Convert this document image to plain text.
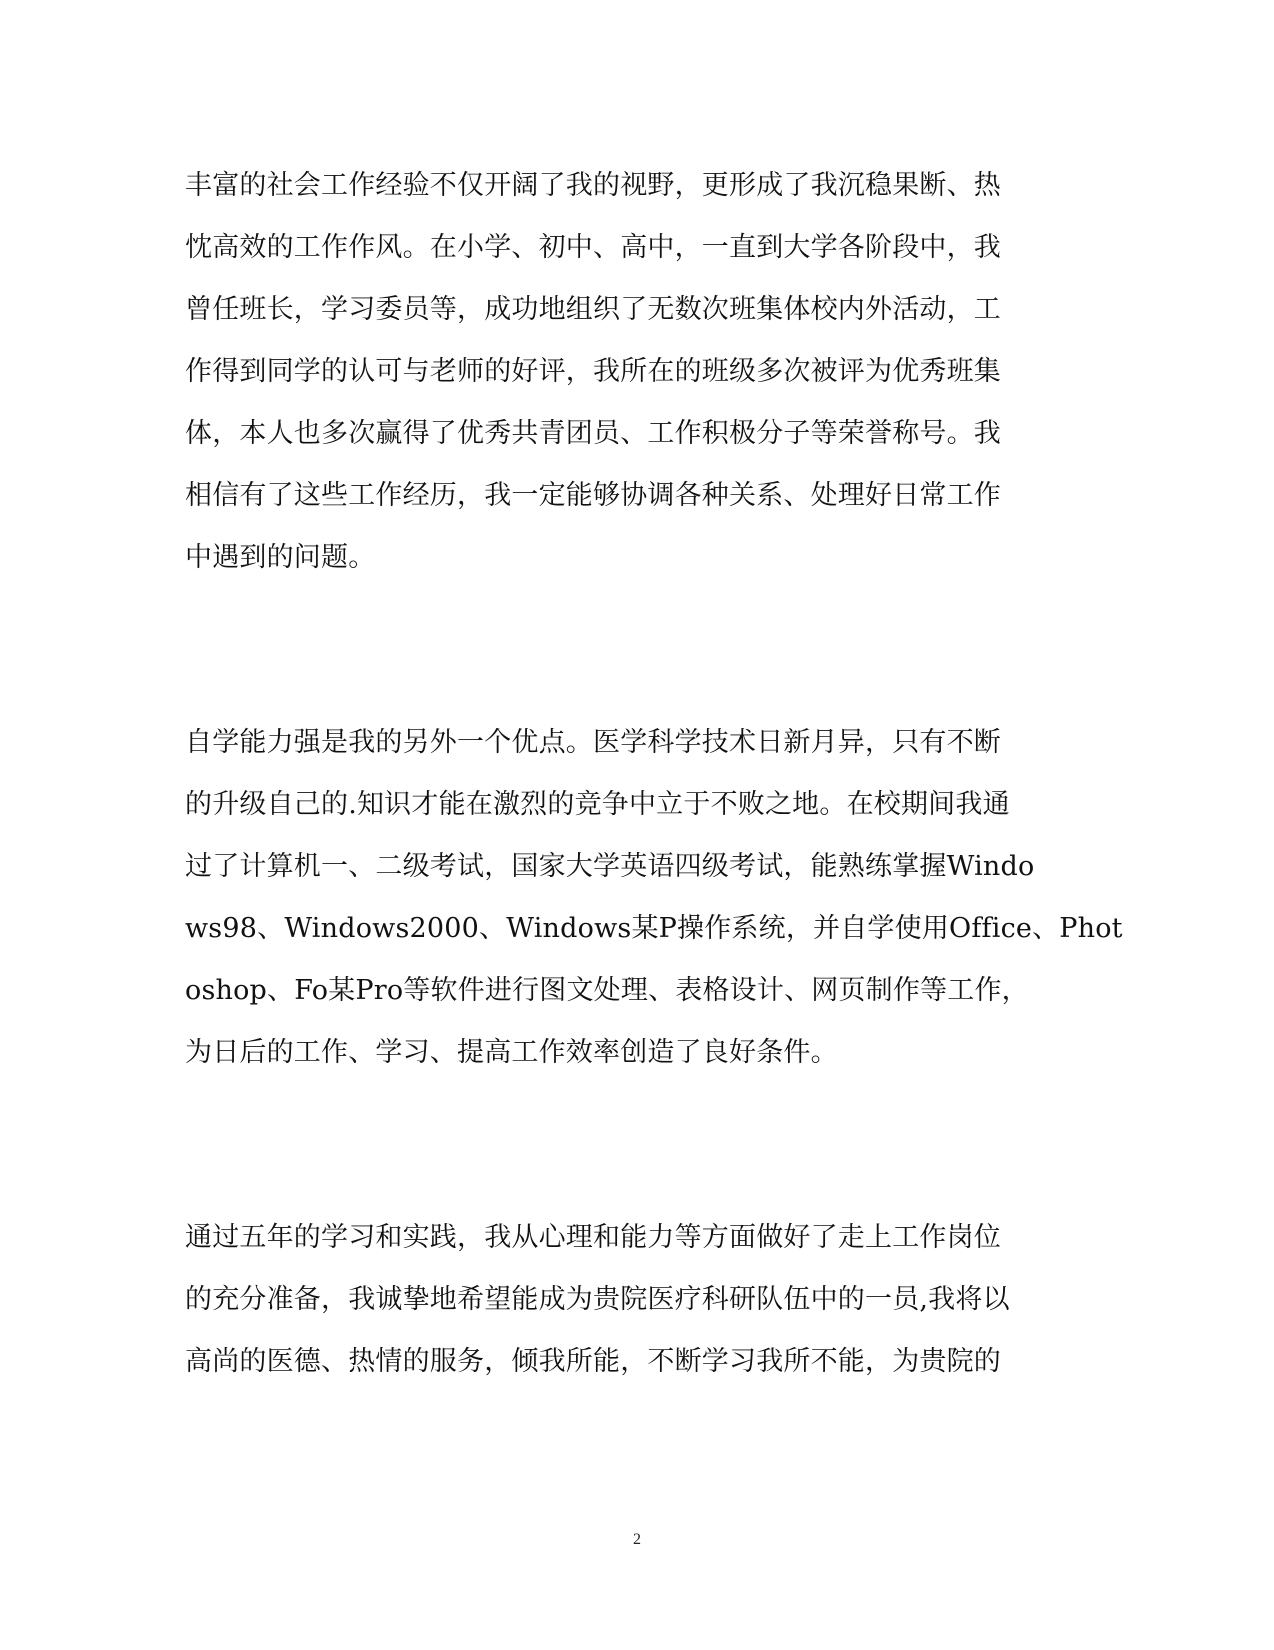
丰富的社会工作经验不仅开阔了我的视野，更形成了我沉稳果断、热
忱高效的工作作风。在小学、初中、高中，一直到大学各阶段中，我
曾任班长，学习委员等，成功地组织了无数次班集体校内外活动，工
作得到同学的认可与老师的好评，我所在的班级多次被评为优秀班集
体，本人也多次赢得了优秀共青团员、工作积极分子等荣誉称号。我
相信有了这些工作经历，我一定能够协调各种关系、处理好日常工作
中遇到的问题。
自学能力强是我的另外一个优点。医学科学技术日新月异，只有不断
的升级自己的.知识才能在激烈的竞争中立于不败之地。在校期间我通
过了计算机一、二级考试，国家大学英语四级考试，能熟练掌握Windo
ws98、Windows2000、Windows某P操作系统，并自学使用Office、Phot
oshop、Fo某Pro等软件进行图文处理、表格设计、网页制作等工作，
为日后的工作、学习、提高工作效率创造了良好条件。
通过五年的学习和实践，我从心理和能力等方面做好了走上工作岗位
的充分准备，我诚挚地希望能成为贵院医疗科研队伍中的一员,我将以
高尚的医德、热情的服务，倾我所能，不断学习我所不能，为贵院的
2
